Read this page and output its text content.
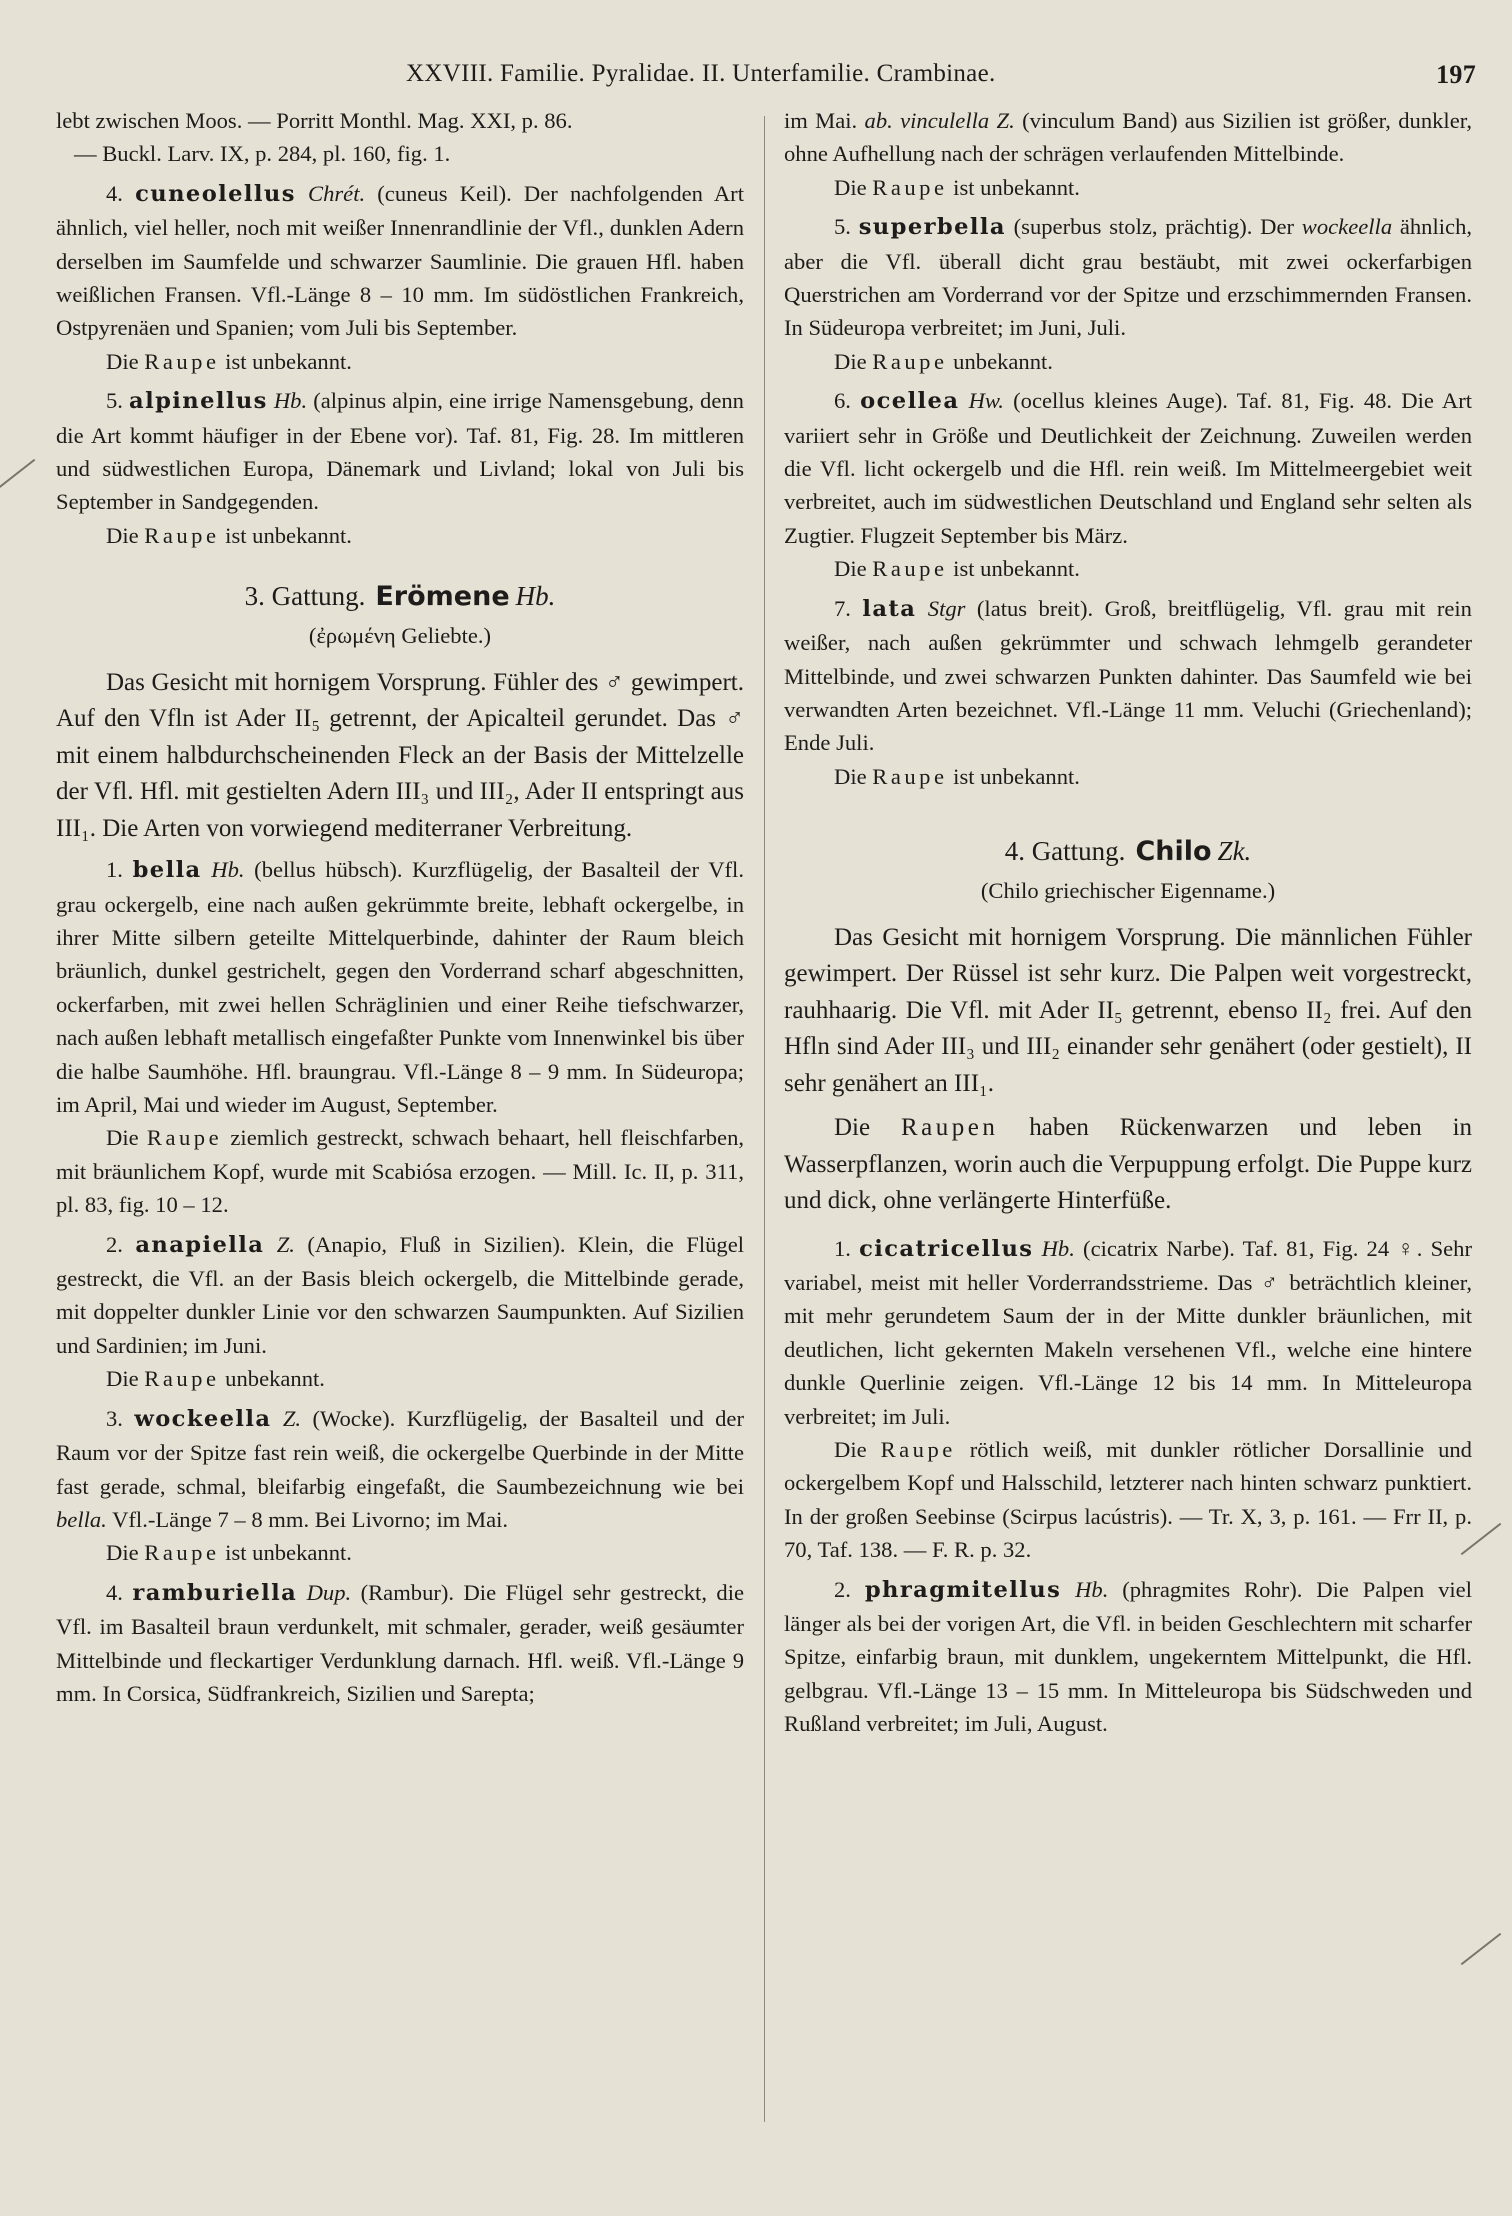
XXVIII. Familie. Pyralidae. II. Unterfamilie. Crambinae.	197

lebt zwischen Moos. — Porritt Monthl. Mag. XXI, p. 86.
— Buckl. Larv. IX, p. 284, pl. 160, fig. 1.

4. cuneolellus Chrét. (cuneus Keil). Der nachfolgenden Art ähnlich, viel heller, noch mit weißer Innenrandlinie der Vfl., dunklen Adern derselben im Saumfelde und schwarzer Saumlinie. Die grauen Hfl. haben weißlichen Fransen. Vfl.-Länge 8 – 10 mm. Im südöstlichen Frankreich, Ostpyrenäen und Spanien; vom Juli bis September.

Die Raupe ist unbekannt.

5. alpinellus Hb. (alpinus alpin, eine irrige Namensgebung, denn die Art kommt häufiger in der Ebene vor). Taf. 81, Fig. 28. Im mittleren und südwestlichen Europa, Dänemark und Livland; lokal von Juli bis September in Sandgegenden.

Die Raupe ist unbekannt.

3. Gattung. Erömene Hb.
(ἐρωμένη Geliebte.)

Das Gesicht mit hornigem Vorsprung. Fühler des ♂ gewimpert. Auf den Vfln ist Ader II₅ getrennt, der Apicalteil gerundet. Das ♂ mit einem halbdurchscheinenden Fleck an der Basis der Mittelzelle der Vfl. Hfl. mit gestielten Adern III₃ und III₂, Ader II entspringt aus III₁. Die Arten von vorwiegend mediterraner Verbreitung.

1. bella Hb. (bellus hübsch). Kurzflügelig, der Basalteil der Vfl. grau ockergelb, eine nach außen gekrümmte breite, lebhaft ockergelbe, in ihrer Mitte silbern geteilte Mittelquerbinde, dahinter der Raum bleich bräunlich, dunkel gestrichelt, gegen den Vorderrand scharf abgeschnitten, ockerfarben, mit zwei hellen Schräglinien und einer Reihe tiefschwarzer, nach außen lebhaft metallisch eingefaßter Punkte vom Innenwinkel bis über die halbe Saumhöhe. Hfl. braungrau. Vfl.-Länge 8 – 9 mm. In Südeuropa; im April, Mai und wieder im August, September.

Die Raupe ziemlich gestreckt, schwach behaart, hell fleischfarben, mit bräunlichem Kopf, wurde mit Scabiósa erzogen. — Mill. Ic. II, p. 311, pl. 83, fig. 10 – 12.

2. anapiella Z. (Anapio, Fluß in Sizilien). Klein, die Flügel gestreckt, die Vfl. an der Basis bleich ockergelb, die Mittelbinde gerade, mit doppelter dunkler Linie vor den schwarzen Saumpunkten. Auf Sizilien und Sardinien; im Juni.

Die Raupe unbekannt.

3. wockeella Z. (Wocke). Kurzflügelig, der Basalteil und der Raum vor der Spitze fast rein weiß, die ockergelbe Querbinde in der Mitte fast gerade, schmal, bleifarbig eingefaßt, die Saumbezeichnung wie bei bella. Vfl.-Länge 7 – 8 mm. Bei Livorno; im Mai.

Die Raupe ist unbekannt.

4. ramburiella Dup. (Rambur). Die Flügel sehr gestreckt, die Vfl. im Basalteil braun verdunkelt, mit schmaler, gerader, weiß gesäumter Mittelbinde und fleckartiger Verdunklung darnach. Hfl. weiß. Vfl.-Länge 9 mm. In Corsica, Südfrankreich, Sizilien und Sarepta;

im Mai. ab. vinculella Z. (vinculum Band) aus Sizilien ist größer, dunkler, ohne Aufhellung nach der schrägen verlaufenden Mittelbinde.

Die Raupe ist unbekannt.

5. superbella (superbus stolz, prächtig). Der wockeella ähnlich, aber die Vfl. überall dicht grau bestäubt, mit zwei ockerfarbigen Querstrichen am Vorderrand vor der Spitze und erzschimmernden Fransen. In Südeuropa verbreitet; im Juni, Juli.

Die Raupe unbekannt.

6. ocellea Hw. (ocellus kleines Auge). Taf. 81, Fig. 48. Die Art variiert sehr in Größe und Deutlichkeit der Zeichnung. Zuweilen werden die Vfl. licht ockergelb und die Hfl. rein weiß. Im Mittelmeergebiet weit verbreitet, auch im südwestlichen Deutschland und England sehr selten als Zugtier. Flugzeit September bis März.

Die Raupe ist unbekannt.

7. lata Stgr (latus breit). Groß, breitflügelig, Vfl. grau mit rein weißer, nach außen gekrümmter und schwach lehmgelb gerandeter Mittelbinde, und zwei schwarzen Punkten dahinter. Das Saumfeld wie bei verwandten Arten bezeichnet. Vfl.-Länge 11 mm. Veluchi (Griechenland); Ende Juli.

Die Raupe ist unbekannt.

4. Gattung. Chilo Zk.
(Chilo griechischer Eigenname.)

Das Gesicht mit hornigem Vorsprung. Die männlichen Fühler gewimpert. Der Rüssel ist sehr kurz. Die Palpen weit vorgestreckt, rauhhaarig. Die Vfl. mit Ader II₅ getrennt, ebenso II₂ frei. Auf den Hfln sind Ader III₃ und III₂ einander sehr genähert (oder gestielt), II sehr genähert an III₁.

Die Raupen haben Rückenwarzen und leben in Wasserpflanzen, worin auch die Verpuppung erfolgt. Die Puppe kurz und dick, ohne verlängerte Hinterfüße.

1. cicatricellus Hb. (cicatrix Narbe). Taf. 81, Fig. 24 ♀. Sehr variabel, meist mit heller Vorderrandsstrieme. Das ♂ beträchtlich kleiner, mit mehr gerundetem Saum der in der Mitte dunkler bräunlichen, mit deutlichen, licht gekernten Makeln versehenen Vfl., welche eine hintere dunkle Querlinie zeigen. Vfl.-Länge 12 bis 14 mm. In Mitteleuropa verbreitet; im Juli.

Die Raupe rötlich weiß, mit dunkler rötlicher Dorsallinie und ockergelbem Kopf und Halsschild, letzterer nach hinten schwarz punktiert. In der großen Seebinse (Scirpus lacústris). — Tr. X, 3, p. 161. — Frr II, p. 70, Taf. 138. — F. R. p. 32.

2. phragmitellus Hb. (phragmites Rohr). Die Palpen viel länger als bei der vorigen Art, die Vfl. in beiden Geschlechtern mit scharfer Spitze, einfarbig braun, mit dunklem, ungekerntem Mittelpunkt, die Hfl. gelbgrau. Vfl.-Länge 13 – 15 mm. In Mitteleuropa bis Südschweden und Rußland verbreitet; im Juli, August.
